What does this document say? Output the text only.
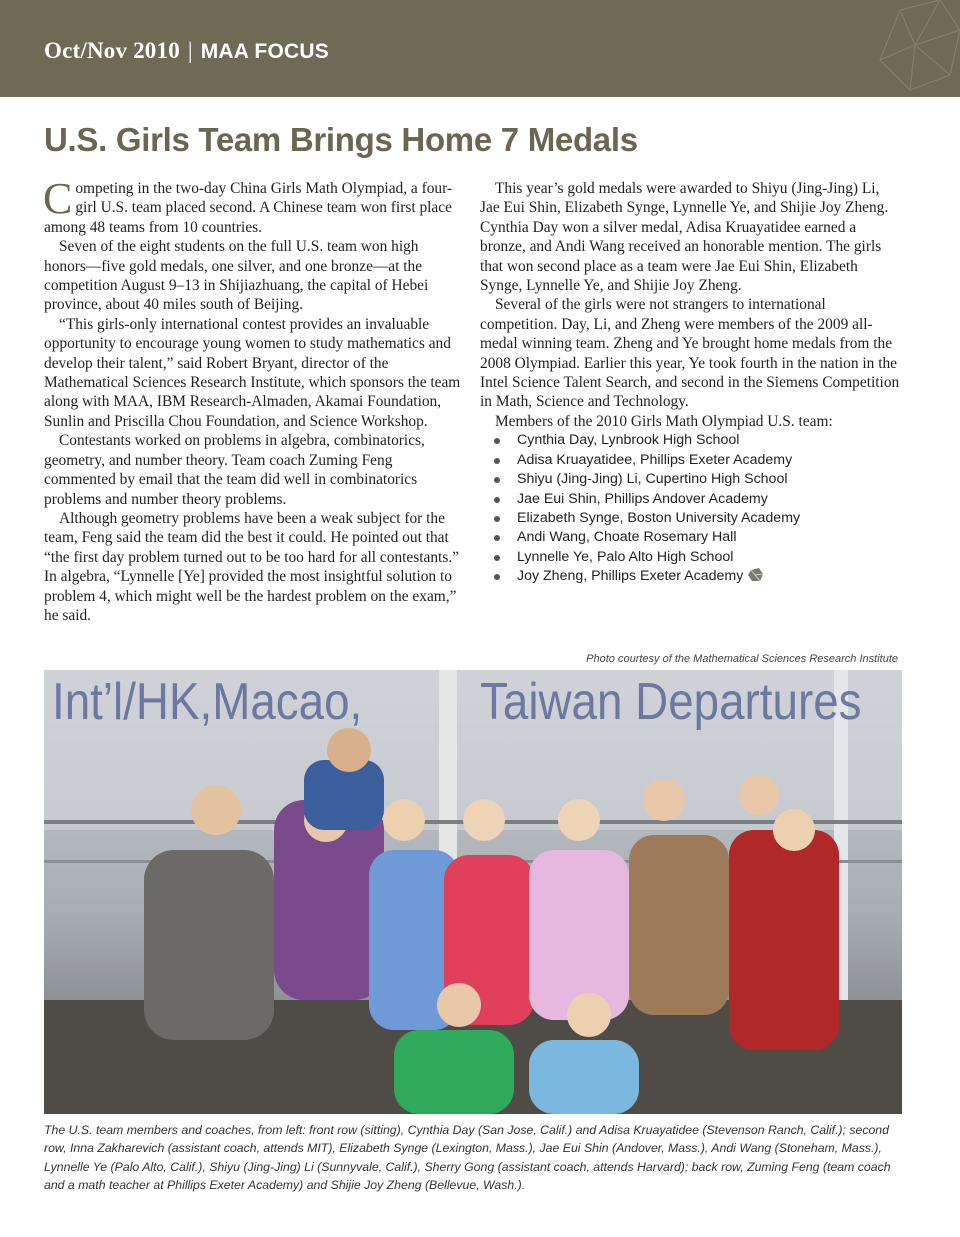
Oct/Nov 2010 | MAA FOCUS
U.S. Girls Team Brings Home 7 Medals

Competing in the two-day China Girls Math Olympiad, a four-girl U.S. team placed second. A Chinese team won first place among 48 teams from 10 countries.

Seven of the eight students on the full U.S. team won high honors—five gold medals, one silver, and one bronze—at the competition August 9–13 in Shijiazhuang, the capital of Hebei province, about 40 miles south of Beijing.

“This girls-only international contest provides an invaluable opportunity to encourage young women to study mathematics and develop their talent,” said Robert Bryant, director of the Mathematical Sciences Research Institute, which sponsors the team along with MAA, IBM Research-Almaden, Akamai Foundation, Sunlin and Priscilla Chou Foundation, and Science Workshop.

Contestants worked on problems in algebra, combinatorics, geometry, and number theory. Team coach Zuming Feng commented by email that the team did well in combinatorics problems and number theory problems.

Although geometry problems have been a weak subject for the team, Feng said the team did the best it could. He pointed out that “the first day problem turned out to be too hard for all contestants.” In algebra, “Lynnelle [Ye] provided the most insightful solution to problem 4, which might well be the hardest problem on the exam,” he said.

This year’s gold medals were awarded to Shiyu (Jing-Jing) Li, Jae Eui Shin, Elizabeth Synge, Lynnelle Ye, and Shijie Joy Zheng. Cynthia Day won a silver medal, Adisa Kruayatidee earned a bronze, and Andi Wang received an honorable mention. The girls that won second place as a team were Jae Eui Shin, Elizabeth Synge, Lynnelle Ye, and Shijie Joy Zheng.

Several of the girls were not strangers to international competition. Day, Li, and Zheng were members of the 2009 all-medal winning team. Zheng and Ye brought home medals from the 2008 Olympiad. Earlier this year, Ye took fourth in the nation in the Intel Science Talent Search, and second in the Siemens Competition in Math, Science and Technology.

Members of the 2010 Girls Math Olympiad U.S. team:

Cynthia Day, Lynbrook High School
Adisa Kruayatidee, Phillips Exeter Academy
Shiyu (Jing-Jing) Li, Cupertino High School
Jae Eui Shin, Phillips Andover Academy
Elizabeth Synge, Boston University Academy
Andi Wang, Choate Rosemary Hall
Lynnelle Ye, Palo Alto High School
Joy Zheng, Phillips Exeter Academy
Photo courtesy of the Mathematical Sciences Research Institute
Int’l/HK,Macao, Taiwan Departures

The U.S. team members and coaches, from left: front row (sitting), Cynthia Day (San Jose, Calif.) and Adisa Kruayatidee (Stevenson Ranch, Calif.); second row, Inna Zakharevich (assistant coach, attends MIT), Elizabeth Synge (Lexington, Mass.), Jae Eui Shin (Andover, Mass.), Andi Wang (Stoneham, Mass.), Lynnelle Ye (Palo Alto, Calif.), Shiyu (Jing-Jing) Li (Sunnyvale, Calif.), Sherry Gong (assistant coach, attends Harvard); back row, Zuming Feng (team coach and a math teacher at Phillips Exeter Academy) and Shijie Joy Zheng (Bellevue, Wash.).
